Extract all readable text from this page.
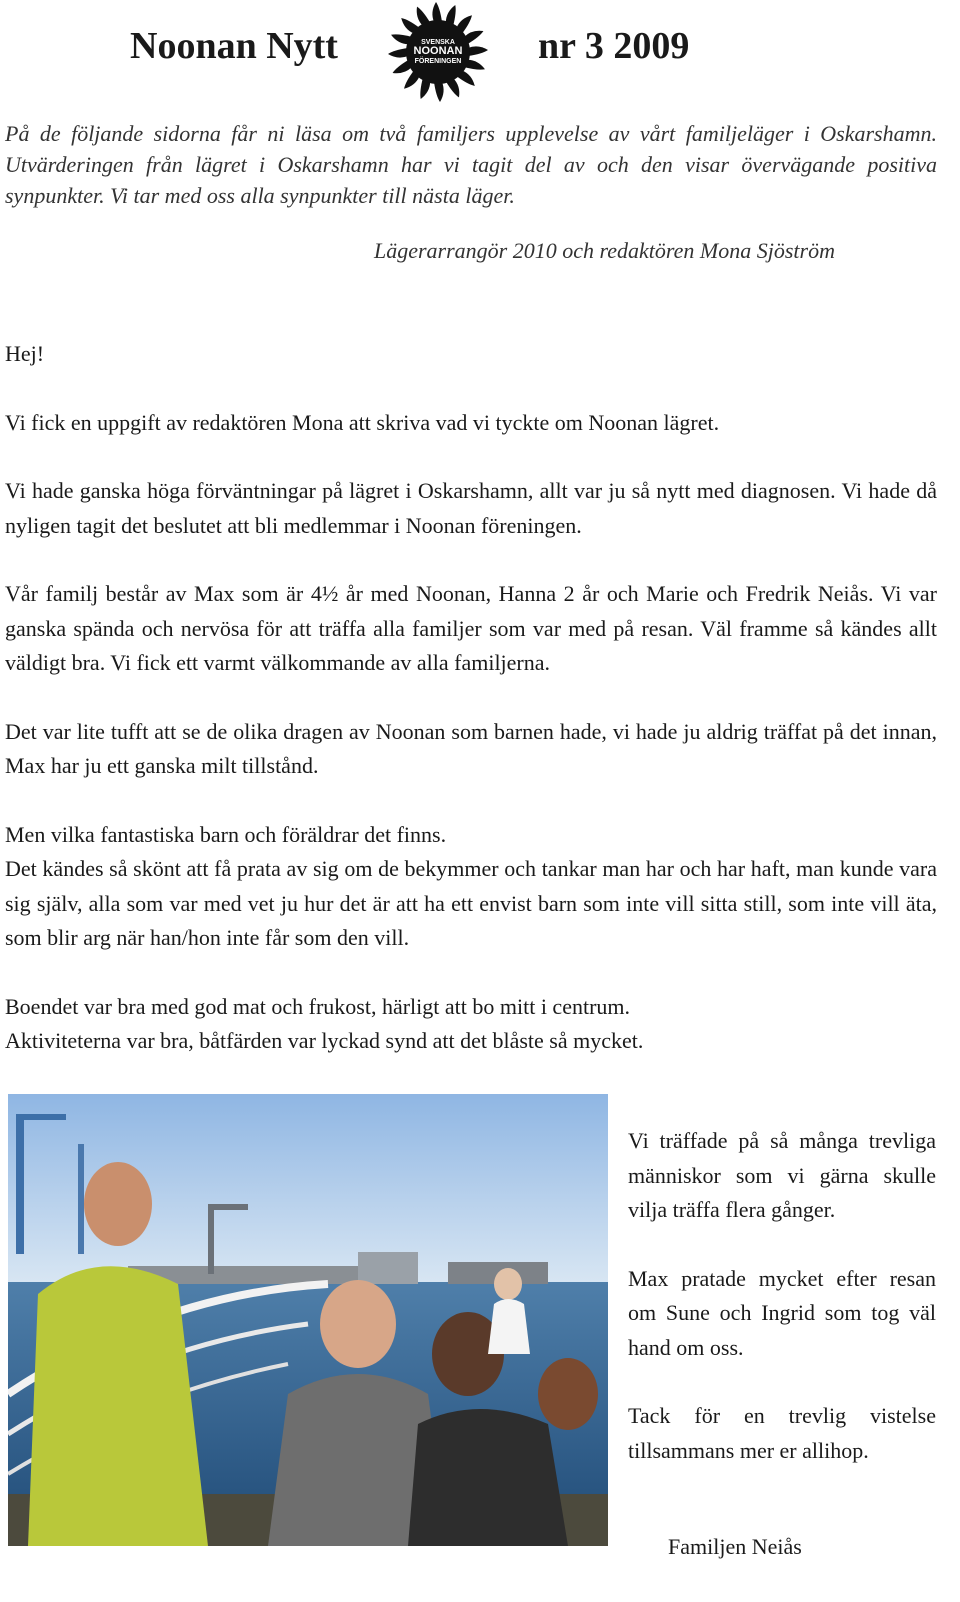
Noonan Nytt	SVENSKA
NOONAN
FÖRENINGEN nr 3 2009
På de följande sidorna får ni läsa om två familjers upplevelse av vårt familjeläger i Oskarshamn. Utvärderingen från lägret i Oskarshamn har vi tagit del av och den visar övervägande positiva synpunkter. Vi tar med oss alla synpunkter till nästa läger.
Lägerarrangör 2010 och redaktören Mona Sjöström

Hej!

Vi fick en uppgift av redaktören Mona att skriva vad vi tyckte om Noonan lägret.

Vi hade ganska höga förväntningar på lägret i Oskarshamn, allt var ju så nytt med diagnosen. Vi hade då nyligen tagit det beslutet att bli medlemmar i Noonan föreningen.

Vår familj består av Max som är 4½ år med Noonan, Hanna 2 år och Marie och Fredrik Neiås. Vi var ganska spända och nervösa för att träffa alla familjer som var med på resan. Väl framme så kändes allt väldigt bra. Vi fick ett varmt välkommande av alla familjerna.

Det var lite tufft att se de olika dragen av Noonan som barnen hade, vi hade ju aldrig träffat på det innan, Max har ju ett ganska milt tillstånd.

Men vilka fantastiska barn och föräldrar det finns.

Det kändes så skönt att få prata av sig om de bekymmer och tankar man har och har haft, man kunde vara sig själv, alla som var med vet ju hur det är att ha ett envist barn som inte vill sitta still, som inte vill äta, som blir arg när han/hon inte får som den vill.

Boendet var bra med god mat och frukost, härligt att bo mitt i centrum.

Aktiviteterna var bra, båtfärden var lyckad synd att det blåste så mycket.

Vi träffade på så många trevliga människor som vi gärna skulle vilja träffa flera gånger.

Max pratade mycket efter resan om Sune och Ingrid som tog väl hand om oss.

Tack för en trevlig vistelse tillsammans mer er allihop.

Familjen Neiås
